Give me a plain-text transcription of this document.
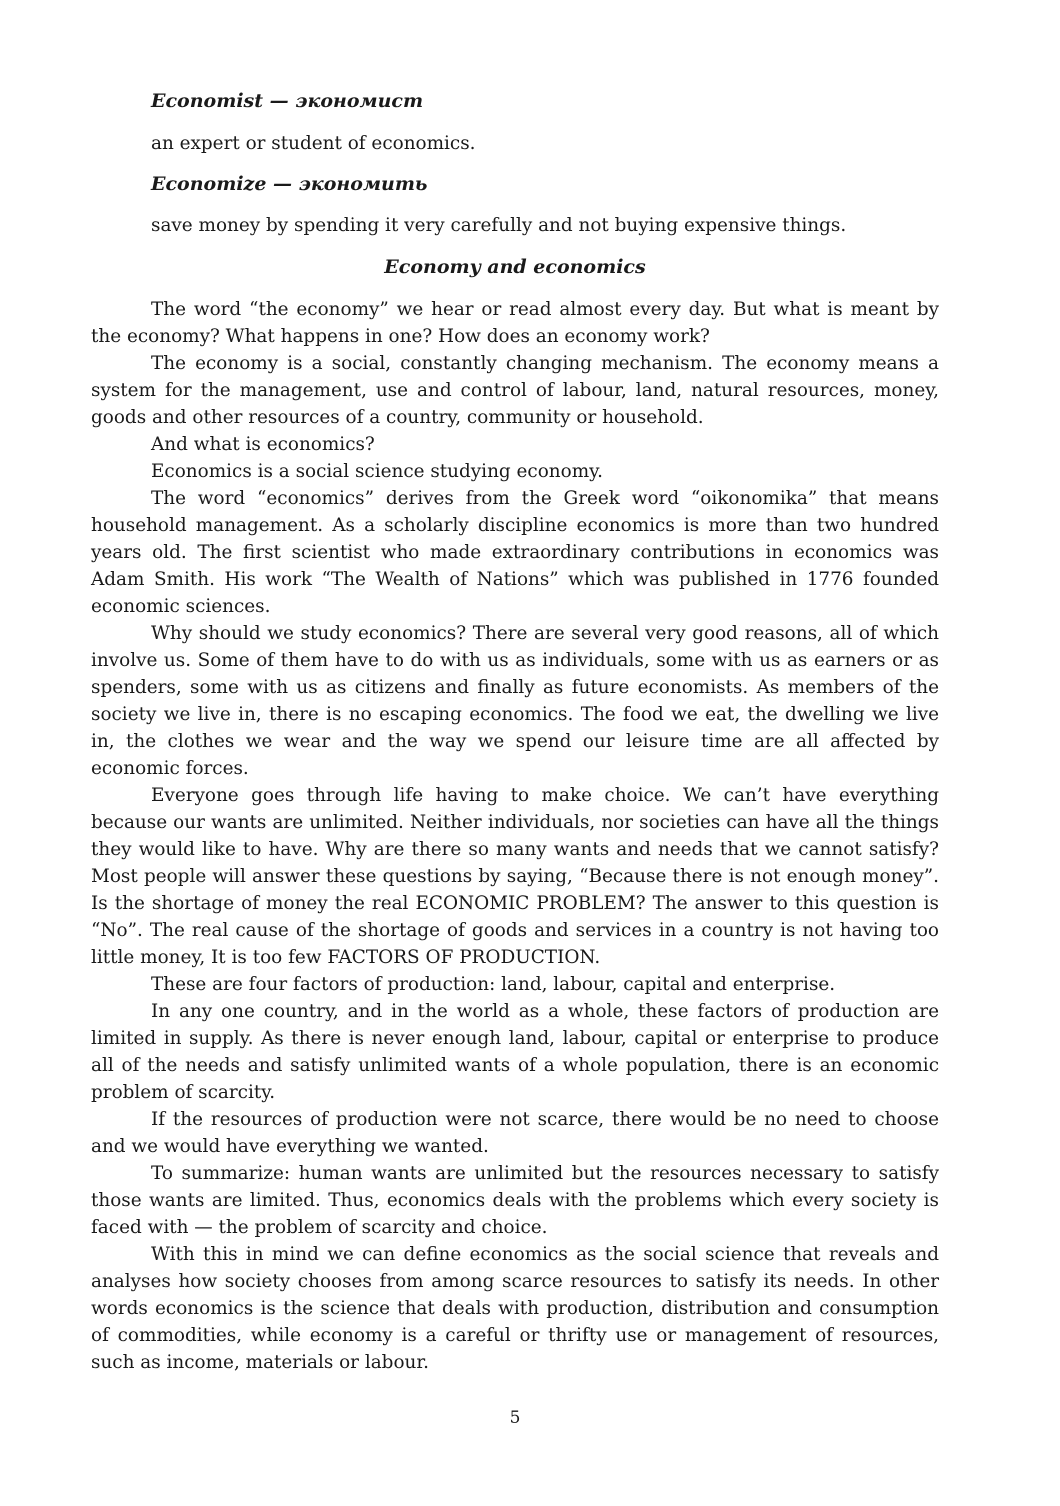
Economist — экономист
an expert or student of economics.
Economize — экономить
save money by spending it very carefully and not buying expensive things.
Economy and economics

The word “the economy” we hear or read almost every day. But what is meant by the economy? What happens in one? How does an economy work?

The economy is a social, constantly changing mechanism. The economy means a system for the management, use and control of labour, land, natural resources, money, goods and other resources of a country, community or household.

And what is economics?

Economics is a social science studying economy.

The word “economics” derives from the Greek word “oikonomika” that means household management. As a scholarly discipline economics is more than two hundred years old. The first scientist who made extraordinary contributions in economics was Adam Smith. His work “The Wealth of Nations” which was published in 1776 founded economic sciences.

Why should we study economics? There are several very good reasons, all of which involve us. Some of them have to do with us as individuals, some with us as earners or as spenders, some with us as citizens and finally as future economists. As members of the society we live in, there is no escaping economics. The food we eat, the dwelling we live in, the clothes we wear and the way we spend our leisure time are all affected by economic forces.

Everyone goes through life having to make choice. We can’t have everything because our wants are unlimited. Neither individuals, nor societies can have all the things they would like to have. Why are there so many wants and needs that we cannot satisfy? Most people will answer these questions by saying, “Because there is not enough money”. Is the shortage of money the real ECONOMIC PROBLEM? The answer to this question is “No”. The real cause of the shortage of goods and services in a country is not having too little money, It is too few FACTORS OF PRODUCTION.

These are four factors of production: land, labour, capital and enterprise.

In any one country, and in the world as a whole, these factors of production are limited in supply. As there is never enough land, labour, capital or enterprise to produce all of the needs and satisfy unlimited wants of a whole population, there is an economic problem of scarcity.

If the resources of production were not scarce, there would be no need to choose and we would have everything we wanted.

To summarize: human wants are unlimited but the resources necessary to satisfy those wants are limited. Thus, economics deals with the problems which every society is faced with — the problem of scarcity and choice.

With this in mind we can define economics as the social science that reveals and analyses how society chooses from among scarce resources to satisfy its needs. In other words economics is the science that deals with production, distribution and consumption of commodities, while economy is a careful or thrifty use or management of resources, such as income, materials or labour.

5
